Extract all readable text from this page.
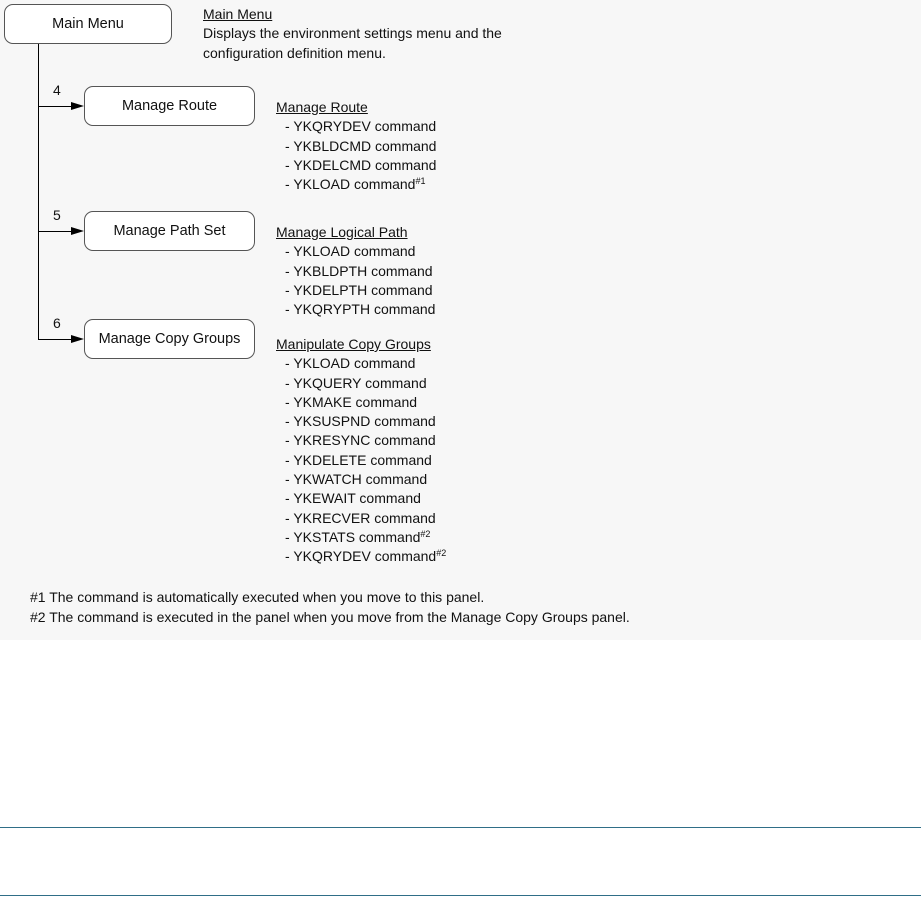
Main Menu
Manage Route
Manage Path Set
Manage Copy Groups
4
5
6
Main Menu
Displays the environment settings menu and the
configuration definition menu.
Manage Route
- YKQRYDEV command
- YKBLDCMD command
- YKDELCMD command
- YKLOAD command$^{\#1}$
Manage Logical Path
- YKLOAD command
- YKBLDPTH command
- YKDELPTH command
- YKQRYPTH command
Manipulate Copy Groups
- YKLOAD command
- YKQUERY command
- YKMAKE command
- YKSUSPND command
- YKRESYNC command
- YKDELETE command
- YKWATCH command
- YKEWAIT command
- YKRECVER command
- YKSTATS command$^{\#2}$
- YKQRYDEV command$^{\#2}$
#1 The command is automatically executed when you move to this panel.
#2 The command is executed in the panel when you move from the Manage Copy Groups panel.
